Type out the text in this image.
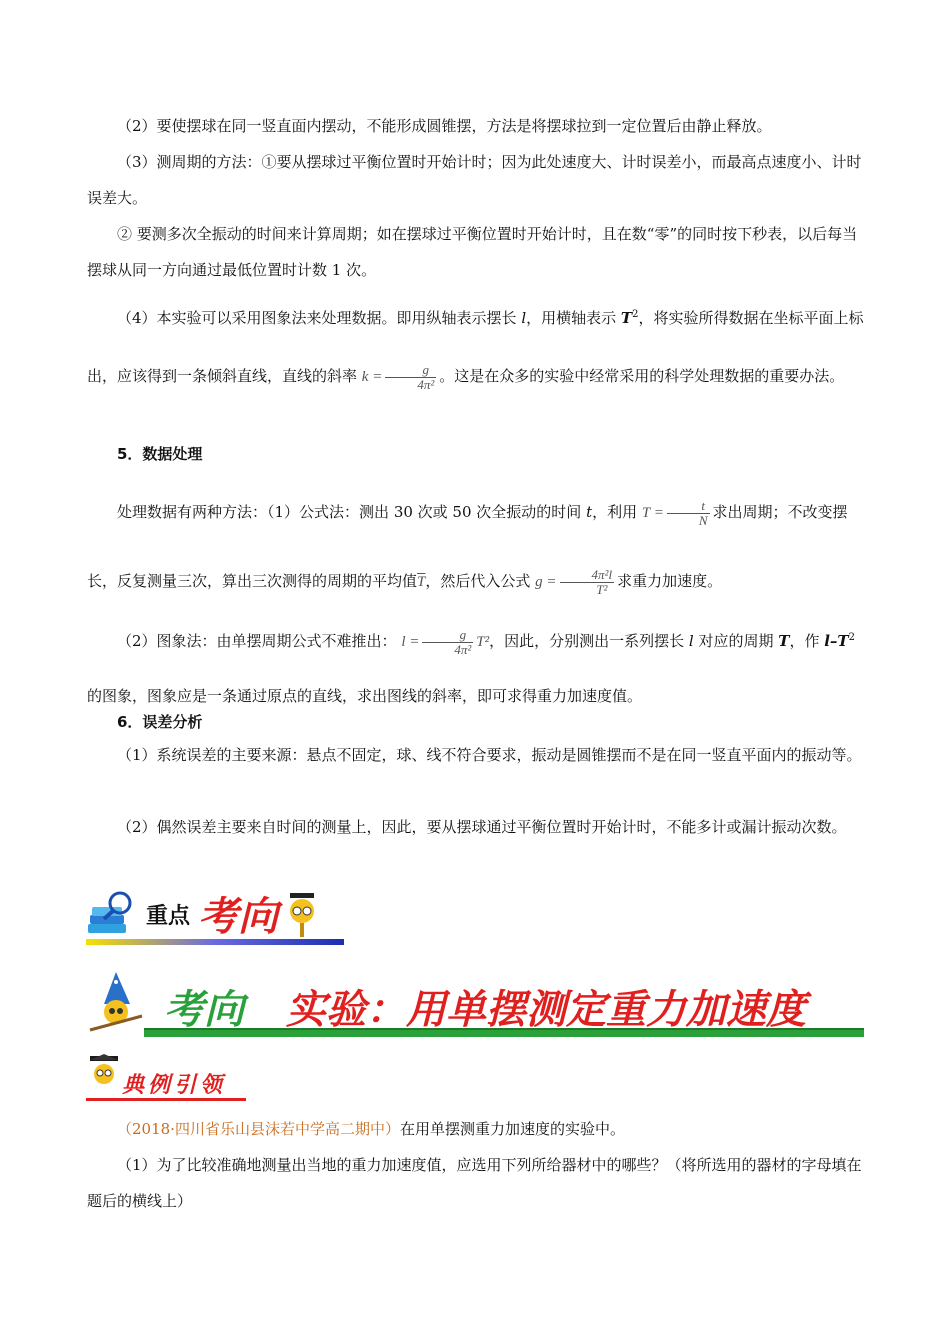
（2）要使摆球在同一竖直面内摆动，不能形成圆锥摆，方法是将摆球拉到一定位置后由静止释放。
（3）测周期的方法：①要从摆球过平衡位置时开始计时；因为此处速度大、计时误差小，而最高点速度小、计时误差大。
② 要测多次全振动的时间来计算周期；如在摆球过平衡位置时开始计时，且在数“零”的同时按下秒表，以后每当摆球从同一方向通过最低位置时计数 1 次。
（4）本实验可以采用图象法来处理数据。即用纵轴表示摆长 l，用横轴表示 $T^2$，将实验所得数据在坐标平面上标出，应该得到一条倾斜直线，直线的斜率 $k = \frac{g}{\text{4π²}}$ 。这是在众多的实验中经常采用的科学处理数据的重要办法。
5．数据处理
处理数据有两种方法：（1）公式法：测出 30 次或 50 次全振动的时间 t，利用 $T = \frac{t}{N}$ 求出周期；不改变摆长，反复测量三次，算出三次测得的周期的平均值$\overline{T}$，然后代入公式 $g = \frac{\text{4π²l}}{\text{T²}}$ 求重力加速度。
（2）图象法：由单摆周期公式不难推出： $l = \frac{g}{\text{4π²}} T^2$，因此，分别测出一系列摆长 l 对应的周期 T，作 $l-T^2$ 的图象，图象应是一条通过原点的直线，求出图线的斜率，即可求得重力加速度值。
6．误差分析
（1）系统误差的主要来源：悬点不固定，球、线不符合要求，振动是圆锥摆而不是在同一竖直平面内的振动等。
（2）偶然误差主要来自时间的测量上，因此，要从摆球通过平衡位置时开始计时，不能多计或漏计振动次数。
重点 考向
考向 实验：用单摆测定重力加速度
典例引领
（2018·四川省乐山县沫若中学高二期中）在用单摆测重力加速度的实验中。
（1）为了比较准确地测量出当地的重力加速度值，应选用下列所给器材中的哪些？（将所选用的器材的字母填在题后的横线上）
